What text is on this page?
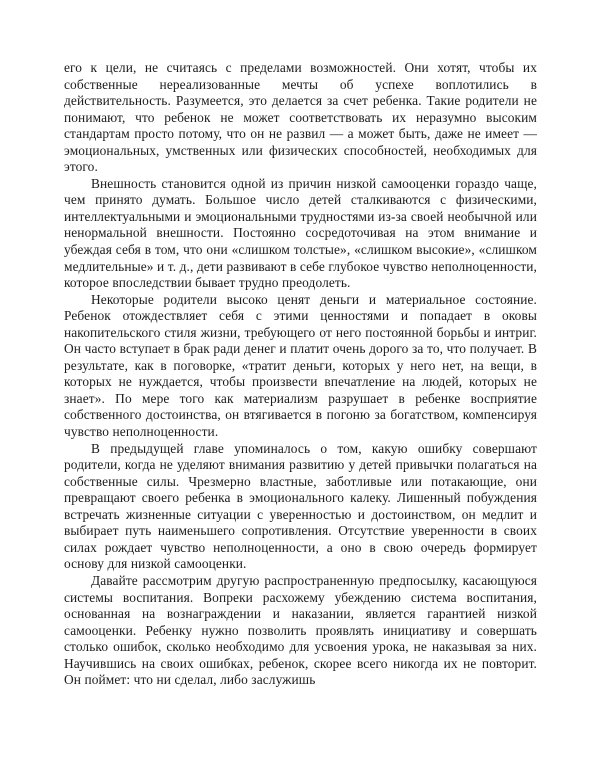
его к цели, не считаясь с пределами возможностей. Они хотят, чтобы их собственные нереализованные мечты об успехе воплотились в действительность. Разумеется, это делается за счет ребенка. Такие родители не понимают, что ребенок не может соответствовать их неразумно высоким стандартам просто потому, что он не развил — а может быть, даже не имеет — эмоциональных, умственных или физических способностей, необходимых для этого.

Внешность становится одной из причин низкой самооценки гораздо чаще, чем принято думать. Большое число детей сталкиваются с физическими, интеллектуальными и эмоциональными трудностями из-за своей необычной или ненормальной внешности. Постоянно сосредоточивая на этом внимание и убеждая себя в том, что они «слишком толстые», «слишком высокие», «слишком медлительные» и т. д., дети развивают в себе глубокое чувство неполноценности, которое впоследствии бывает трудно преодолеть.

Некоторые родители высоко ценят деньги и материальное состояние. Ребенок отождествляет себя с этими ценностями и попадает в оковы накопительского стиля жизни, требующего от него постоянной борьбы и интриг. Он часто вступает в брак ради денег и платит очень дорого за то, что получает. В результате, как в поговорке, «тратит деньги, которых у него нет, на вещи, в которых не нуждается, чтобы произвести впечатление на людей, которых не знает». По мере того как материализм разрушает в ребенке восприятие собственного достоинства, он втягивается в погоню за богатством, компенсируя чувство неполноценности.

В предыдущей главе упоминалось о том, какую ошибку совершают родители, когда не уделяют внимания развитию у детей привычки полагаться на собственные силы. Чрезмерно властные, заботливые или потакающие, они превращают своего ребенка в эмоционального калеку. Лишенный побуждения встречать жизненные ситуации с уверенностью и достоинством, он медлит и выбирает путь наименьшего сопротивления. Отсутствие уверенности в своих силах рождает чувство неполноценности, а оно в свою очередь формирует основу для низкой самооценки.

Давайте рассмотрим другую распространенную предпосылку, касающуюся системы воспитания. Вопреки расхожему убеждению система воспитания, основанная на вознаграждении и наказании, является гарантией низкой самооценки. Ребенку нужно позволить проявлять инициативу и совершать столько ошибок, сколько необходимо для усвоения урока, не наказывая за них. Научившись на своих ошибках, ребенок, скорее всего никогда их не повторит. Он поймет: что ни сделал, либо заслужишь
